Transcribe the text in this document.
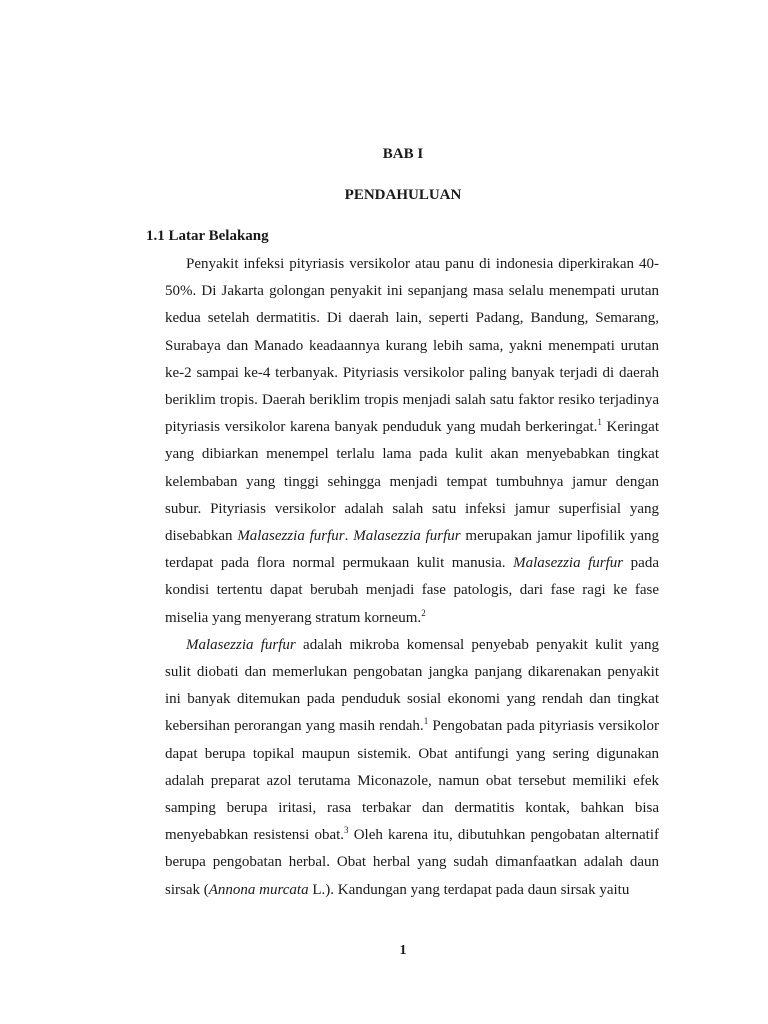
BAB I
PENDAHULUAN
1.1 Latar Belakang

Penyakit infeksi pityriasis versikolor atau panu di indonesia diperkirakan 40-50%. Di Jakarta golongan penyakit ini sepanjang masa selalu menempati urutan kedua setelah dermatitis. Di daerah lain, seperti Padang, Bandung, Semarang, Surabaya dan Manado keadaannya kurang lebih sama, yakni menempati urutan ke-2 sampai ke-4 terbanyak. Pityriasis versikolor paling banyak terjadi di daerah beriklim tropis. Daerah beriklim tropis menjadi salah satu faktor resiko terjadinya pityriasis versikolor karena banyak penduduk yang mudah berkeringat.$^1$ Keringat yang dibiarkan menempel terlalu lama pada kulit akan menyebabkan tingkat kelembaban yang tinggi sehingga menjadi tempat tumbuhnya jamur dengan subur. Pityriasis versikolor adalah salah satu infeksi jamur superfisial yang disebabkan Malasezzia furfur. Malasezzia furfur merupakan jamur lipofilik yang terdapat pada flora normal permukaan kulit manusia. Malasezzia furfur pada kondisi tertentu dapat berubah menjadi fase patologis, dari fase ragi ke fase miselia yang menyerang stratum korneum.$^2$

Malasezzia furfur adalah mikroba komensal penyebab penyakit kulit yang sulit diobati dan memerlukan pengobatan jangka panjang dikarenakan penyakit ini banyak ditemukan pada penduduk sosial ekonomi yang rendah dan tingkat kebersihan perorangan yang masih rendah.$^1$ Pengobatan pada pityriasis versikolor dapat berupa topikal maupun sistemik. Obat antifungi yang sering digunakan adalah preparat azol terutama Miconazole, namun obat tersebut memiliki efek samping berupa iritasi, rasa terbakar dan dermatitis kontak, bahkan bisa menyebabkan resistensi obat.$^3$ Oleh karena itu, dibutuhkan pengobatan alternatif berupa pengobatan herbal. Obat herbal yang sudah dimanfaatkan adalah daun sirsak (Annona murcata L.). Kandungan yang terdapat pada daun sirsak yaitu

1
